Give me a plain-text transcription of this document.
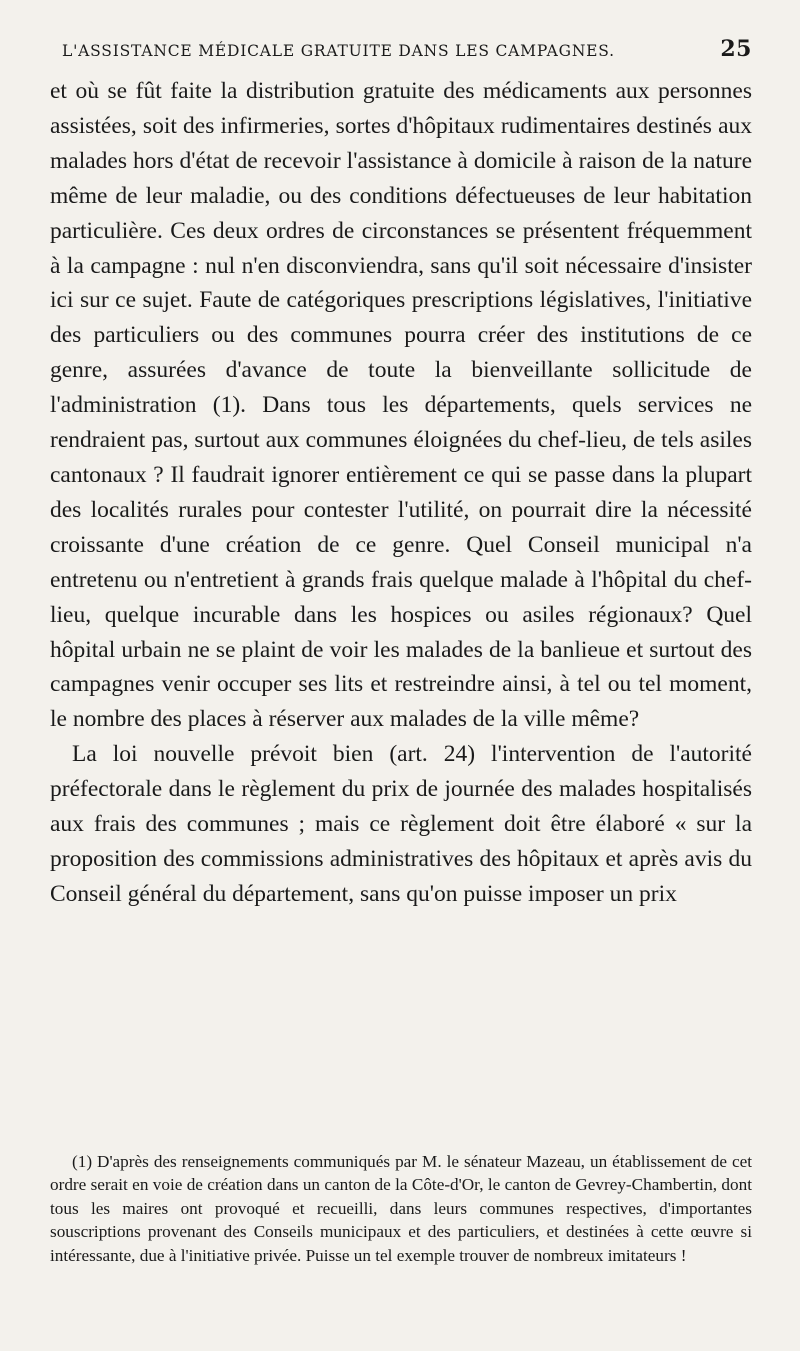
L'ASSISTANCE MÉDICALE GRATUITE DANS LES CAMPAGNES.	25

et où se fût faite la distribution gratuite des médicaments aux personnes assistées, soit des infirmeries, sortes d'hôpitaux rudimentaires destinés aux malades hors d'état de recevoir l'assistance à domicile à raison de la nature même de leur maladie, ou des conditions défectueuses de leur habitation particulière. Ces deux ordres de circonstances se présentent fréquemment à la campagne : nul n'en disconviendra, sans qu'il soit nécessaire d'insister ici sur ce sujet. Faute de catégoriques prescriptions législatives, l'initiative des particuliers ou des communes pourra créer des institutions de ce genre, assurées d'avance de toute la bienveillante sollicitude de l'administration (1). Dans tous les départements, quels services ne rendraient pas, surtout aux communes éloignées du chef-lieu, de tels asiles cantonaux ? Il faudrait ignorer entièrement ce qui se passe dans la plupart des localités rurales pour contester l'utilité, on pourrait dire la nécessité croissante d'une création de ce genre. Quel Conseil municipal n'a entretenu ou n'entretient à grands frais quelque malade à l'hôpital du chef-lieu, quelque incurable dans les hospices ou asiles régionaux? Quel hôpital urbain ne se plaint de voir les malades de la banlieue et surtout des campagnes venir occuper ses lits et restreindre ainsi, à tel ou tel moment, le nombre des places à réserver aux malades de la ville même?

La loi nouvelle prévoit bien (art. 24) l'intervention de l'autorité préfectorale dans le règlement du prix de journée des malades hospitalisés aux frais des communes ; mais ce règlement doit être élaboré « sur la proposition des commissions administratives des hôpitaux et après avis du Conseil général du département, sans qu'on puisse imposer un prix

(1) D'après des renseignements communiqués par M. le sénateur Mazeau, un établissement de cet ordre serait en voie de création dans un canton de la Côte-d'Or, le canton de Gevrey-Chambertin, dont tous les maires ont provoqué et recueilli, dans leurs communes respectives, d'importantes souscriptions provenant des Conseils municipaux et des particuliers, et destinées à cette œuvre si intéressante, due à l'initiative privée. Puisse un tel exemple trouver de nombreux imitateurs !
